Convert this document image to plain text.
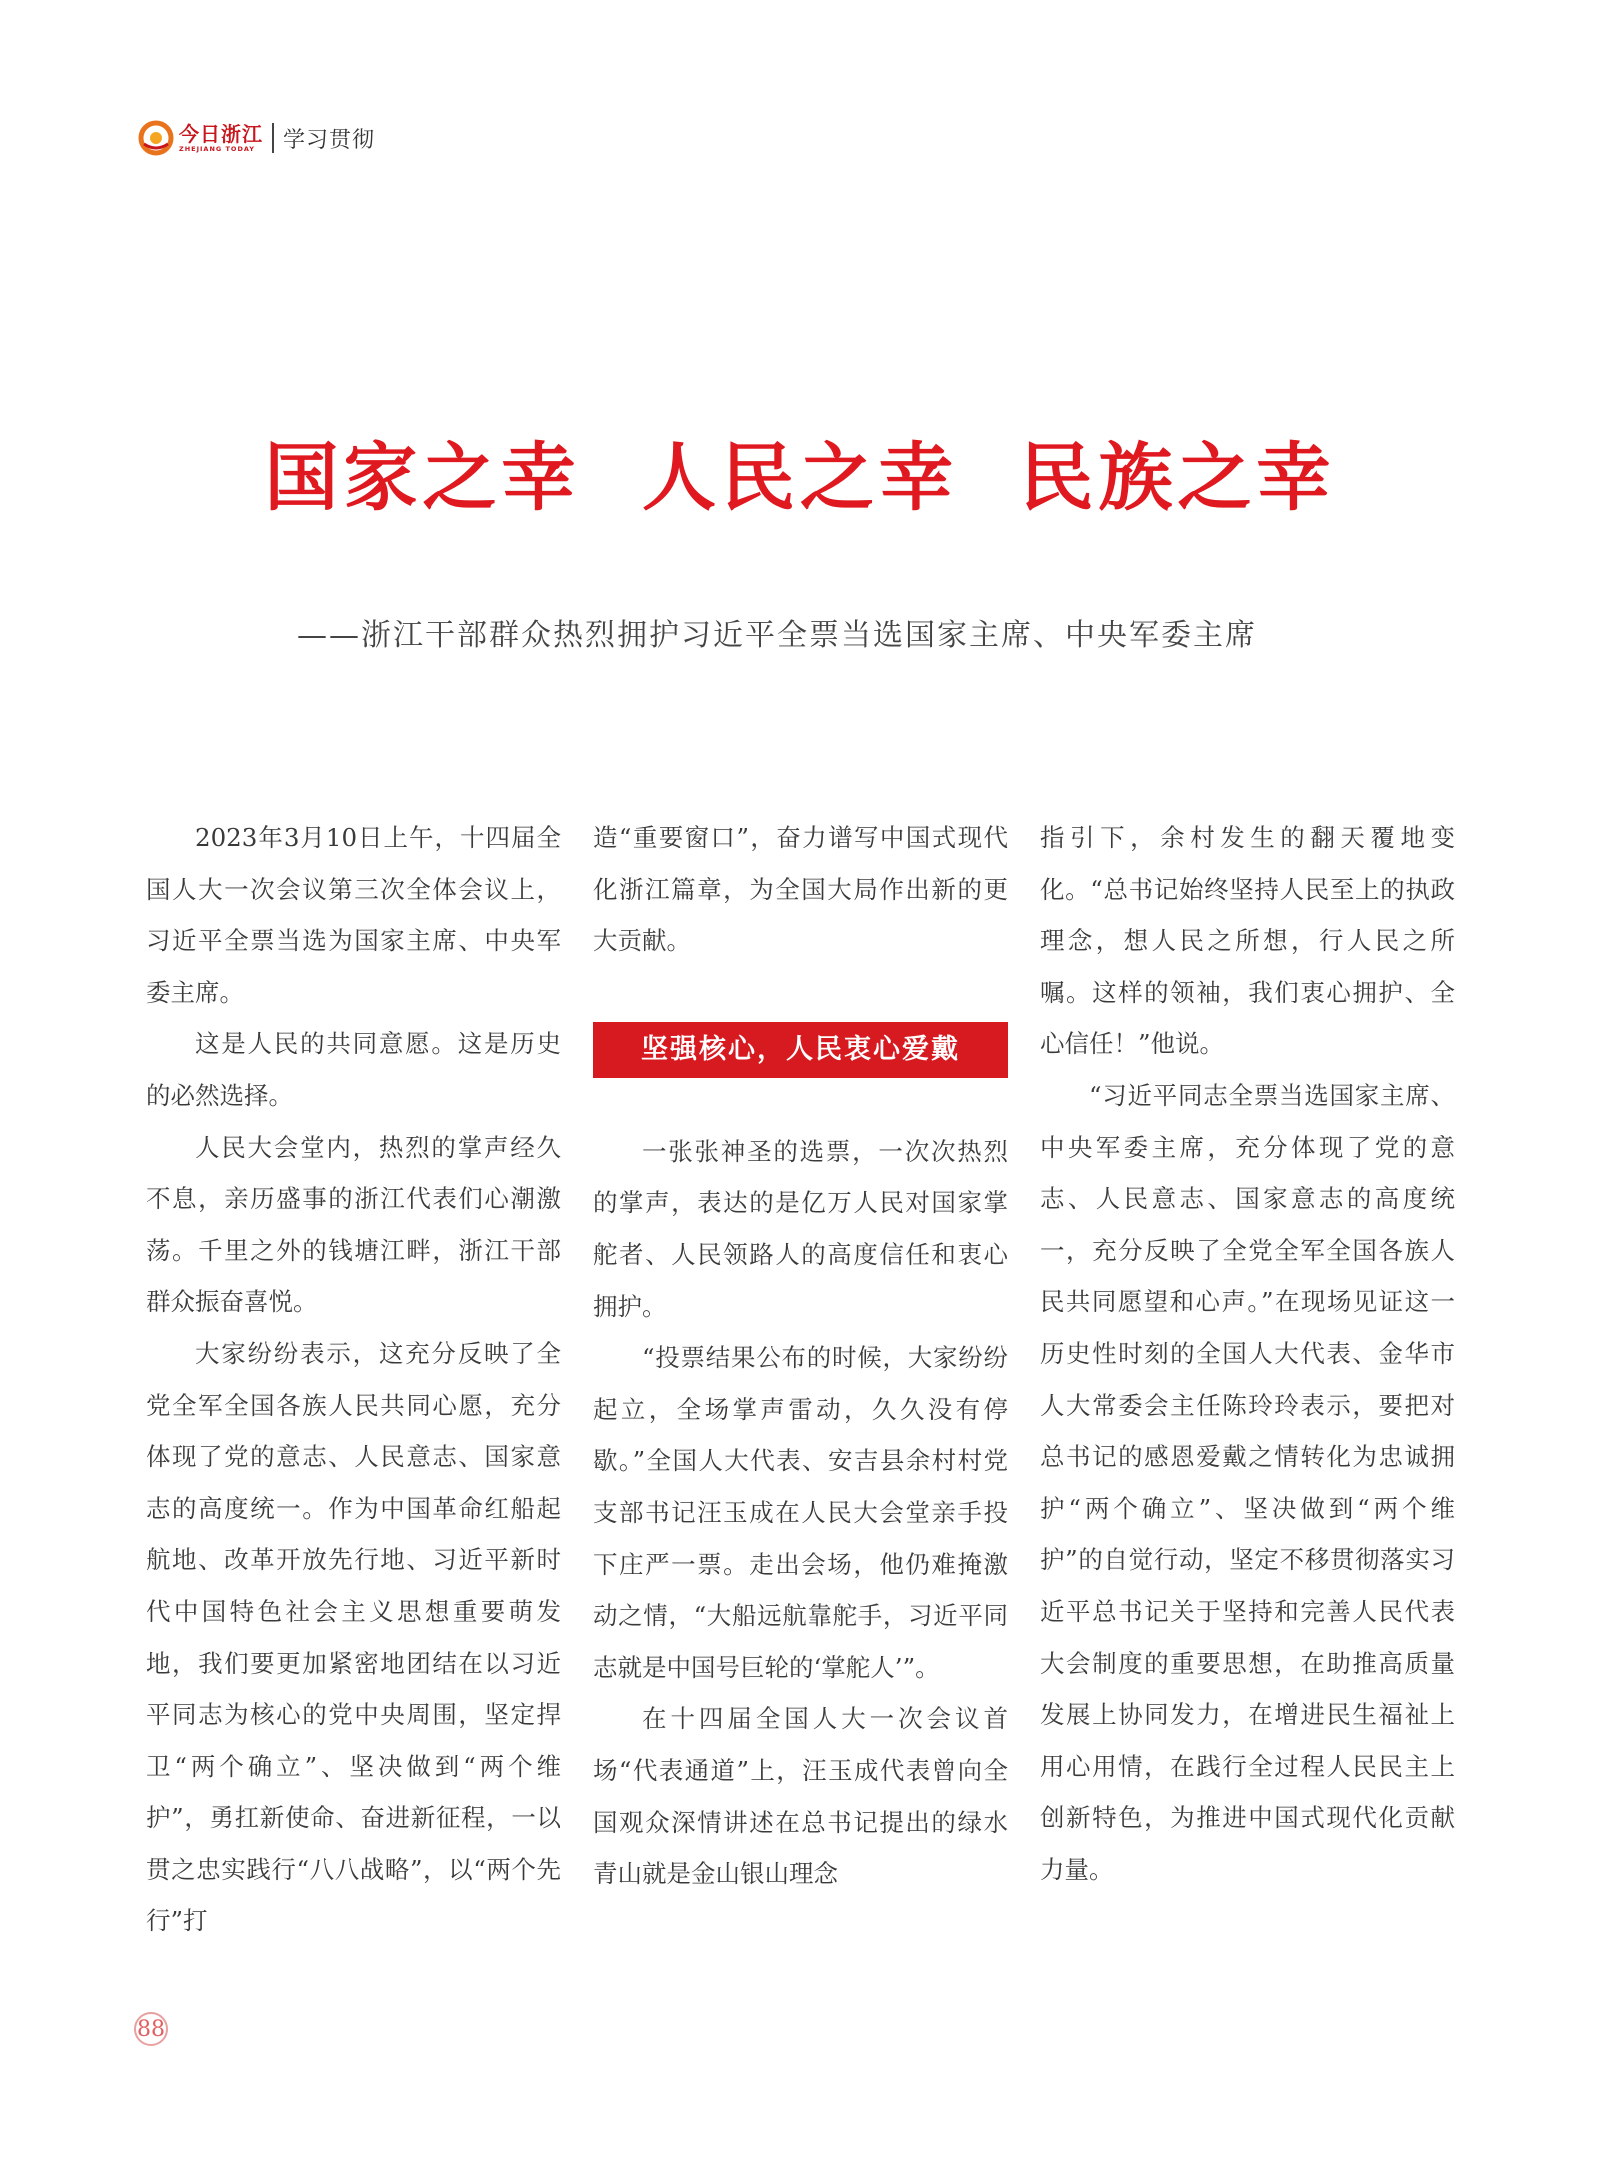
今日浙江
ZHEJIANG TODAY	学习贯彻
国家之幸  人民之幸  民族之幸
——浙江干部群众热烈拥护习近平全票当选国家主席、中央军委主席

2023年3月10日上午，十四届全国人大一次会议第三次全体会议上，习近平全票当选为国家主席、中央军委主席。

这是人民的共同意愿。这是历史的必然选择。

人民大会堂内，热烈的掌声经久不息，亲历盛事的浙江代表们心潮激荡。千里之外的钱塘江畔，浙江干部群众振奋喜悦。

大家纷纷表示，这充分反映了全党全军全国各族人民共同心愿，充分体现了党的意志、人民意志、国家意志的高度统一。作为中国革命红船起航地、改革开放先行地、习近平新时代中国特色社会主义思想重要萌发地，我们要更加紧密地团结在以习近平同志为核心的党中央周围，坚定捍卫“两个确立”、坚决做到“两个维护”，勇扛新使命、奋进新征程，一以贯之忠实践行“八八战略”，以“两个先行”打

造“重要窗口”，奋力谱写中国式现代化浙江篇章，为全国大局作出新的更大贡献。

坚强核心，人民衷心爱戴

一张张神圣的选票，一次次热烈的掌声，表达的是亿万人民对国家掌舵者、人民领路人的高度信任和衷心拥护。

“投票结果公布的时候，大家纷纷起立，全场掌声雷动，久久没有停歇。”全国人大代表、安吉县余村村党支部书记汪玉成在人民大会堂亲手投下庄严一票。走出会场，他仍难掩激动之情，“大船远航靠舵手，习近平同志就是中国号巨轮的‘掌舵人’”。

在十四届全国人大一次会议首场“代表通道”上，汪玉成代表曾向全国观众深情讲述在总书记提出的绿水青山就是金山银山理念

指引下，余村发生的翻天覆地变化。“总书记始终坚持人民至上的执政理念，想人民之所想，行人民之所嘱。这样的领袖，我们衷心拥护、全心信任！”他说。

“习近平同志全票当选国家主席、中央军委主席，充分体现了党的意志、人民意志、国家意志的高度统一，充分反映了全党全军全国各族人民共同愿望和心声。”在现场见证这一历史性时刻的全国人大代表、金华市人大常委会主任陈玲玲表示，要把对总书记的感恩爱戴之情转化为忠诚拥护“两个确立”、坚决做到“两个维护”的自觉行动，坚定不移贯彻落实习近平总书记关于坚持和完善人民代表大会制度的重要思想，在助推高质量发展上协同发力，在增进民生福祉上用心用情，在践行全过程人民民主上创新特色，为推进中国式现代化贡献力量。

88
